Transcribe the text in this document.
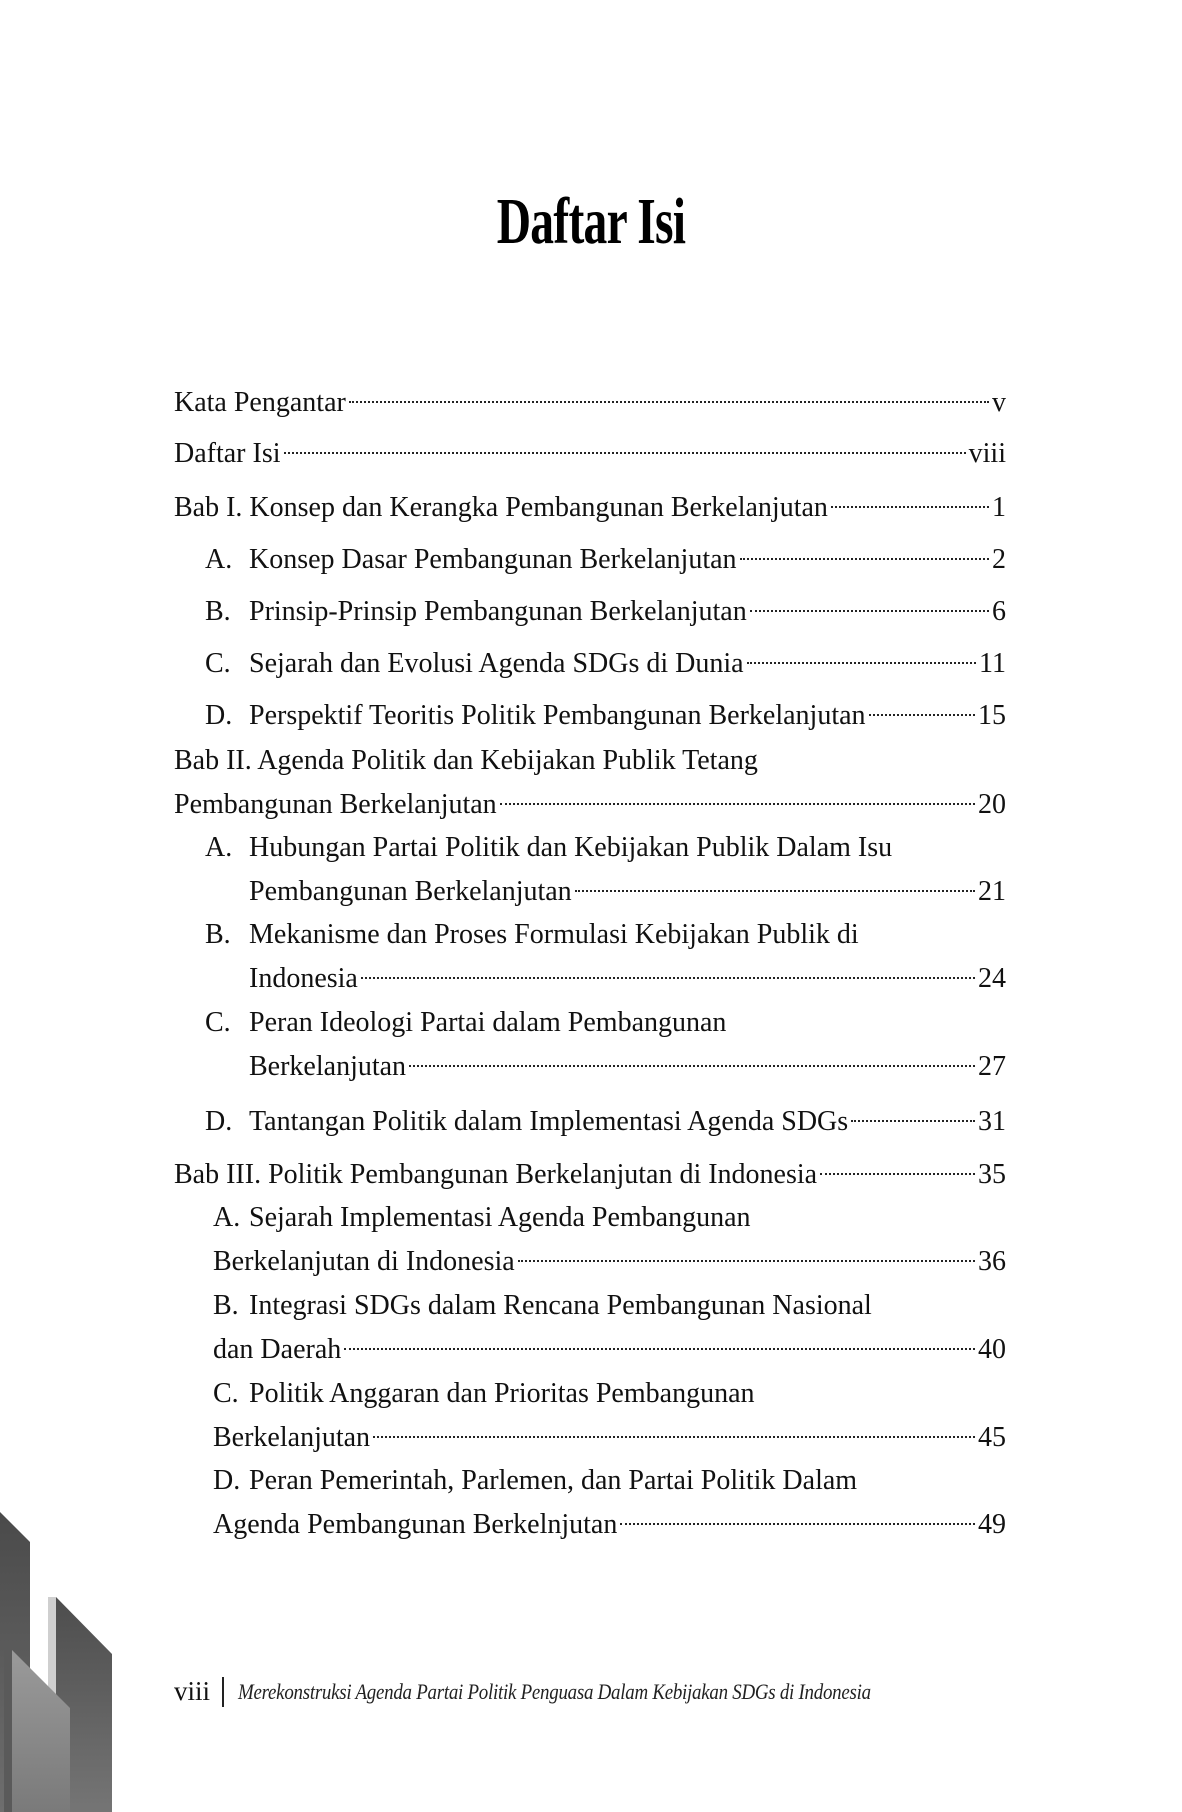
Daftar Isi
Kata Pengantar	v
Daftar Isi	viii
Bab I. Konsep dan Kerangka Pembangunan Berkelanjutan	1
A. Konsep Dasar Pembangunan Berkelanjutan	2
B. Prinsip-Prinsip Pembangunan Berkelanjutan	6
C. Sejarah dan Evolusi Agenda SDGs di Dunia	11
D. Perspektif Teoritis Politik Pembangunan Berkelanjutan	15
Bab II. Agenda Politik dan Kebijakan Publik Tetang
Pembangunan Berkelanjutan	20
A. Hubungan Partai Politik dan Kebijakan Publik Dalam Isu
Pembangunan Berkelanjutan	21
B. Mekanisme dan Proses Formulasi Kebijakan Publik di
Indonesia	24
C. Peran Ideologi Partai dalam Pembangunan
Berkelanjutan	27
D. Tantangan Politik dalam Implementasi Agenda SDGs	31
Bab III. Politik Pembangunan Berkelanjutan di Indonesia	35
A. Sejarah Implementasi Agenda Pembangunan
Berkelanjutan di Indonesia	36
B. Integrasi SDGs dalam Rencana Pembangunan Nasional
dan Daerah	40
C. Politik Anggaran dan Prioritas Pembangunan
Berkelanjutan	45
D. Peran Pemerintah, Parlemen, dan Partai Politik Dalam
Agenda Pembangunan Berkelnjutan	49
viii Merekonstruksi Agenda Partai Politik Penguasa Dalam Kebijakan SDGs di Indonesia
